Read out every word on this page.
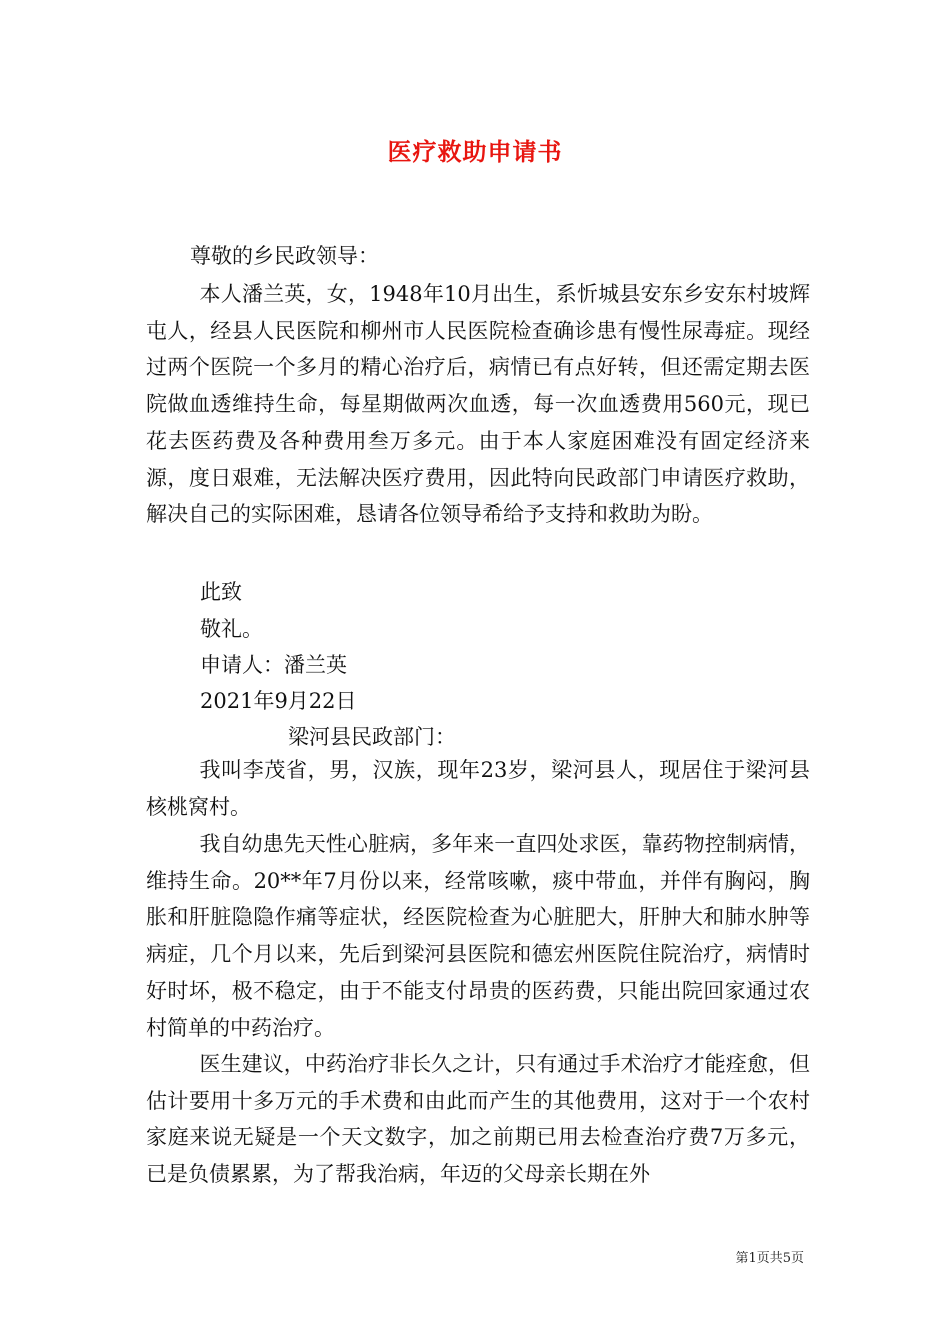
医疗救助申请书
尊敬的乡民政领导：

本人潘兰英，女，1948年10月出生，系忻城县安东乡安东村坡辉屯人，经县人民医院和柳州市人民医院检查确诊患有慢性尿毒症。现经过两个医院一个多月的精心治疗后，病情已有点好转，但还需定期去医院做血透维持生命，每星期做两次血透，每一次血透费用560元，现已花去医药费及各种费用叁万多元。由于本人家庭困难没有固定经济来源，度日艰难，无法解决医疗费用，因此特向民政部门申请医疗救助，解决自己的实际困难，恳请各位领导希给予支持和救助为盼。

此致
敬礼。
申请人：潘兰英
2021年9月22日
梁河县民政部门：

我叫李茂省，男，汉族，现年23岁，梁河县人，现居住于梁河县核桃窝村。

我自幼患先天性心脏病，多年来一直四处求医，靠药物控制病情，维持生命。20**年7月份以来，经常咳嗽，痰中带血，并伴有胸闷，胸胀和肝脏隐隐作痛等症状，经医院检查为心脏肥大，肝肿大和肺水肿等病症，几个月以来，先后到梁河县医院和德宏州医院住院治疗，病情时好时坏，极不稳定，由于不能支付昂贵的医药费，只能出院回家通过农村简单的中药治疗。

医生建议，中药治疗非长久之计，只有通过手术治疗才能痊愈，但估计要用十多万元的手术费和由此而产生的其他费用，这对于一个农村家庭来说无疑是一个天文数字，加之前期已用去检查治疗费7万多元，已是负债累累，为了帮我治病，年迈的父母亲长期在外

第1页共5页
